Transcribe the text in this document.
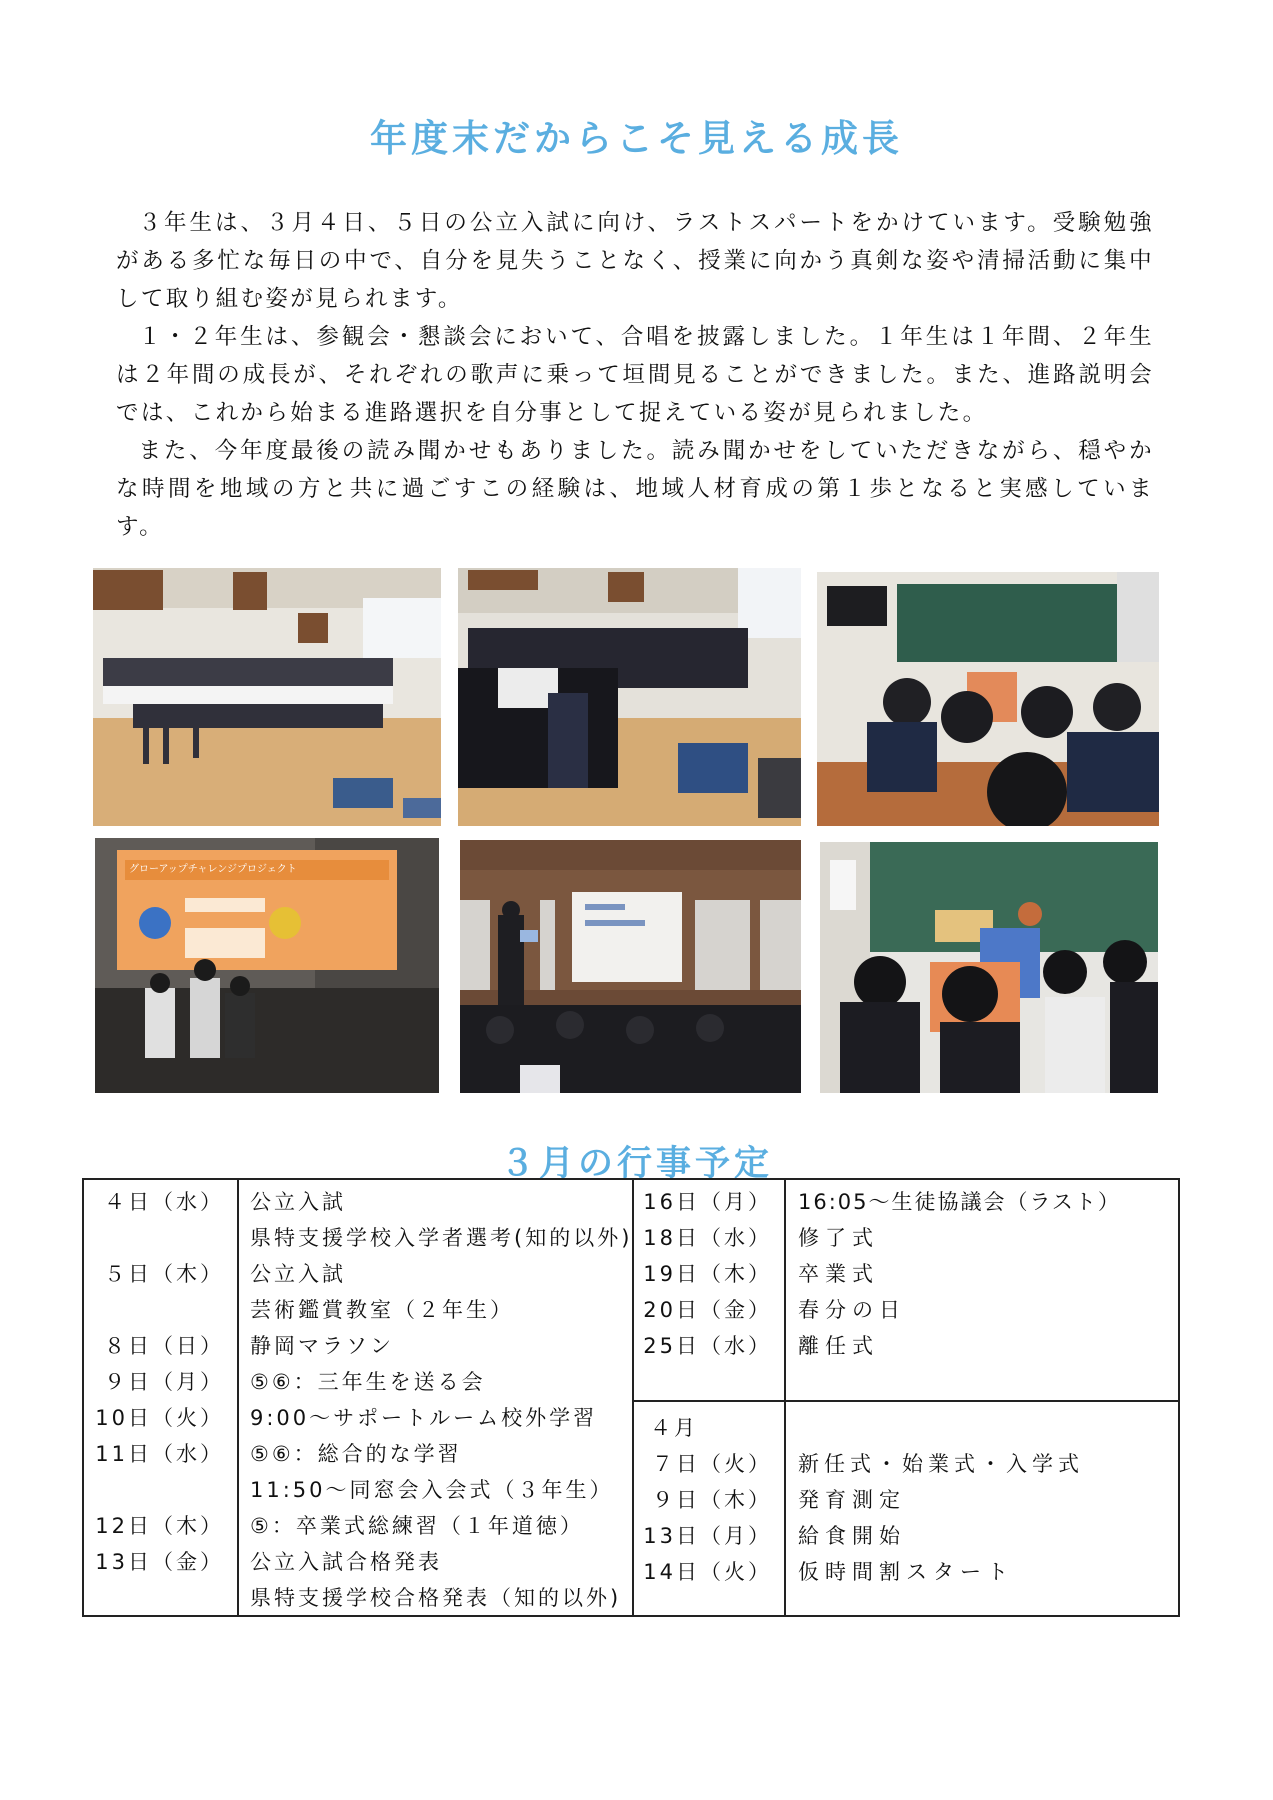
年度末だからこそ見える成長

３年生は、３月４日、５日の公立入試に向け、ラストスパートをかけています。受験勉強がある多忙な毎日の中で、自分を見失うことなく、授業に向かう真剣な姿や清掃活動に集中して取り組む姿が見られます。

１・２年生は、参観会・懇談会において、合唱を披露しました。１年生は１年間、２年生は２年間の成長が、それぞれの歌声に乗って垣間見ることができました。また、進路説明会では、これから始まる進路選択を自分事として捉えている姿が見られました。

また、今年度最後の読み聞かせもありました。読み聞かせをしていただきながら、穏やかな時間を地域の方と共に過ごすこの経験は、地域人材育成の第１歩となると実感しています。

グローアップチャレンジプロジェクト
３月の行事予定
４日（水） 公立入試
県特支援学校入学者選考(知的以外)
５日（木） 公立入試
芸術鑑賞教室（２年生）
８日（日） 静岡マラソン
９日（月） ⑤⑥：三年生を送る会
10日（火） 9:00～サポートルーム校外学習
11日（水） ⑤⑥：総合的な学習
11:50～同窓会入会式（３年生）
12日（木） ⑤：卒業式総練習（１年道徳）
13日（金） 公立入試合格発表
県特支援学校合格発表（知的以外)
16日（月） 16:05～生徒協議会（ラスト）
18日（水） 修了式
19日（木） 卒業式
20日（金） 春分の日
25日（水） 離任式
４月
７日（火） 新任式・始業式・入学式
９日（木） 発育測定
13日（月） 給食開始
14日（火） 仮時間割スタート
